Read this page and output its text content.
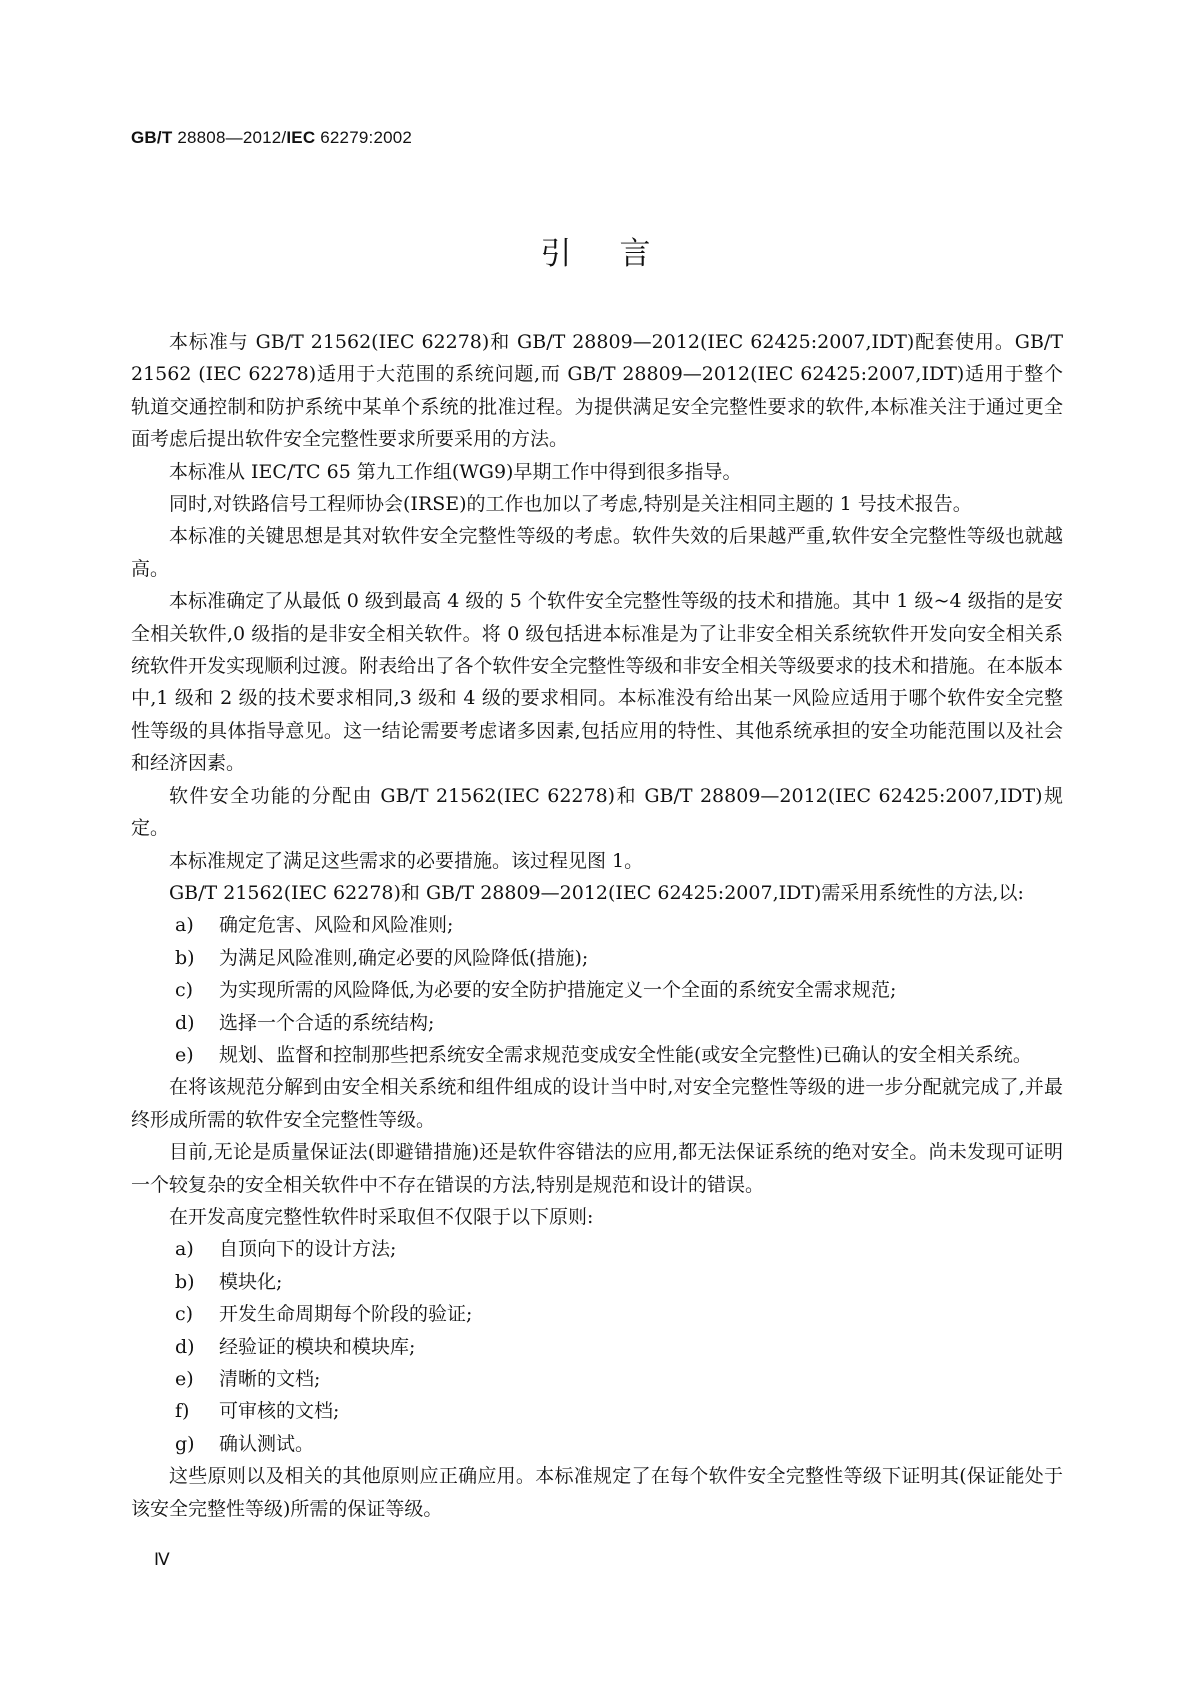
GB/T 28808—2012/IEC 62279:2002
引言

本标准与 GB/T 21562(IEC 62278)和 GB/T 28809—2012(IEC 62425:2007,IDT)配套使用。GB/T 21562 (IEC 62278)适用于大范围的系统问题,而 GB/T 28809—2012(IEC 62425:2007,IDT)适用于整个轨道交通控制和防护系统中某单个系统的批准过程。为提供满足安全完整性要求的软件,本标准关注于通过更全面考虑后提出软件安全完整性要求所要采用的方法。

本标准从 IEC/TC 65 第九工作组(WG9)早期工作中得到很多指导。

同时,对铁路信号工程师协会(IRSE)的工作也加以了考虑,特别是关注相同主题的 1 号技术报告。

本标准的关键思想是其对软件安全完整性等级的考虑。软件失效的后果越严重,软件安全完整性等级也就越高。

本标准确定了从最低 0 级到最高 4 级的 5 个软件安全完整性等级的技术和措施。其中 1 级~4 级指的是安全相关软件,0 级指的是非安全相关软件。将 0 级包括进本标准是为了让非安全相关系统软件开发向安全相关系统软件开发实现顺利过渡。附表给出了各个软件安全完整性等级和非安全相关等级要求的技术和措施。在本版本中,1 级和 2 级的技术要求相同,3 级和 4 级的要求相同。本标准没有给出某一风险应适用于哪个软件安全完整性等级的具体指导意见。这一结论需要考虑诸多因素,包括应用的特性、其他系统承担的安全功能范围以及社会和经济因素。

软件安全功能的分配由 GB/T 21562(IEC 62278)和 GB/T 28809—2012(IEC 62425:2007,IDT)规定。

本标准规定了满足这些需求的必要措施。该过程见图 1。

GB/T 21562(IEC 62278)和 GB/T 28809—2012(IEC 62425:2007,IDT)需采用系统性的方法,以:

a) 确定危害、风险和风险准则;

b) 为满足风险准则,确定必要的风险降低(措施);

c) 为实现所需的风险降低,为必要的安全防护措施定义一个全面的系统安全需求规范;

d) 选择一个合适的系统结构;

e) 规划、监督和控制那些把系统安全需求规范变成安全性能(或安全完整性)已确认的安全相关系统。

在将该规范分解到由安全相关系统和组件组成的设计当中时,对安全完整性等级的进一步分配就完成了,并最终形成所需的软件安全完整性等级。

目前,无论是质量保证法(即避错措施)还是软件容错法的应用,都无法保证系统的绝对安全。尚未发现可证明一个较复杂的安全相关软件中不存在错误的方法,特别是规范和设计的错误。

在开发高度完整性软件时采取但不仅限于以下原则:

a) 自顶向下的设计方法;

b) 模块化;

c) 开发生命周期每个阶段的验证;

d) 经验证的模块和模块库;

e) 清晰的文档;

f) 可审核的文档;

g) 确认测试。

这些原则以及相关的其他原则应正确应用。本标准规定了在每个软件安全完整性等级下证明其(保证能处于该安全完整性等级)所需的保证等级。

Ⅳ
